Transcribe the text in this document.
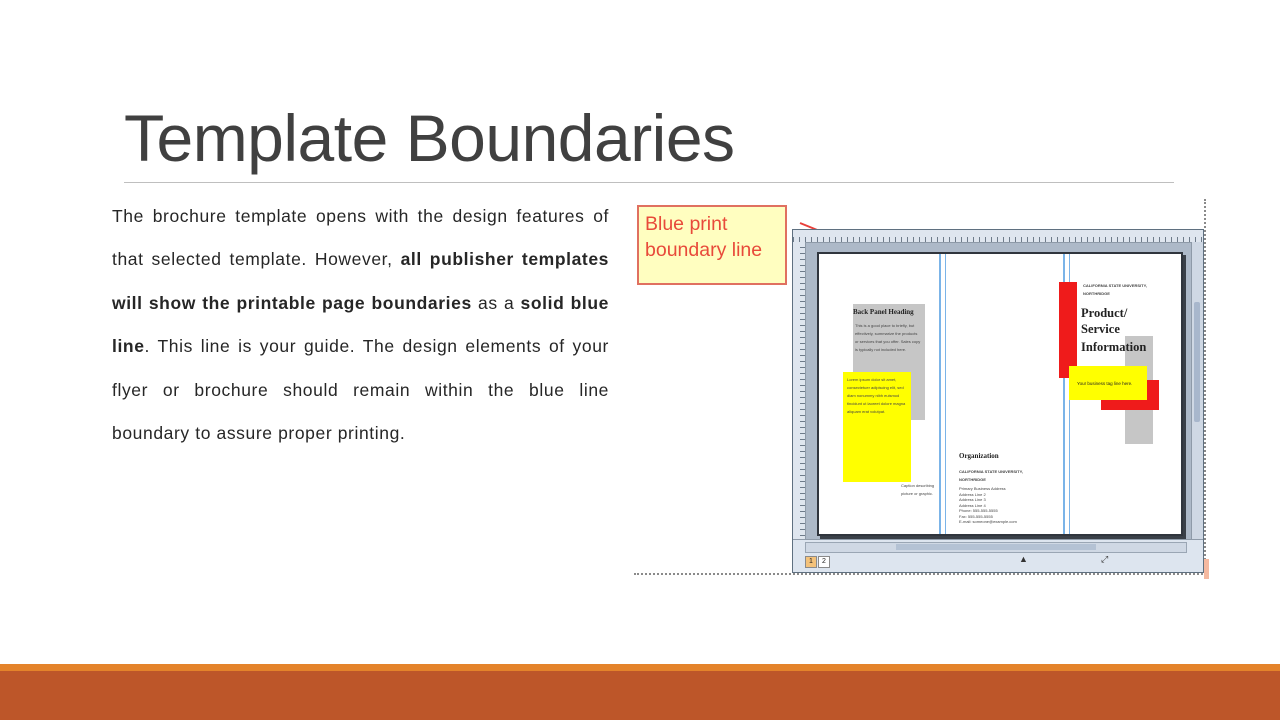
Template Boundaries
The brochure template opens with the design features of that selected template. However, all publisher templates will show the printable page boundaries as a solid blue line. This line is your guide. The design elements of your flyer or brochure should remain within the blue line boundary to assure proper printing.
Blue print
boundary line
Back Panel Heading
This is a good place to briefly, but effectively, summarize the products or services that you offer. Sales copy is typically not included here.
Lorem ipsum dolor sit amet, consectetuer adipiscing elit, sed diam nonummy nibh euismod tincidunt ut laoreet dolore magna aliquam erat volutpat.
Caption describing picture or graphic.
Organization
CALIFORNIA STATE UNIVERSITY, NORTHRIDGE
Primary Business Address
Address Line 2
Address Line 3
Address Line 4
Phone: 555-555-5555
Fax: 555-555-5555
E-mail: someone@example.com
CALIFORNIA STATE UNIVERSITY, NORTHRIDGE
Product/
Service
Information
Your business tag line here.
1	2	▲	⤢
